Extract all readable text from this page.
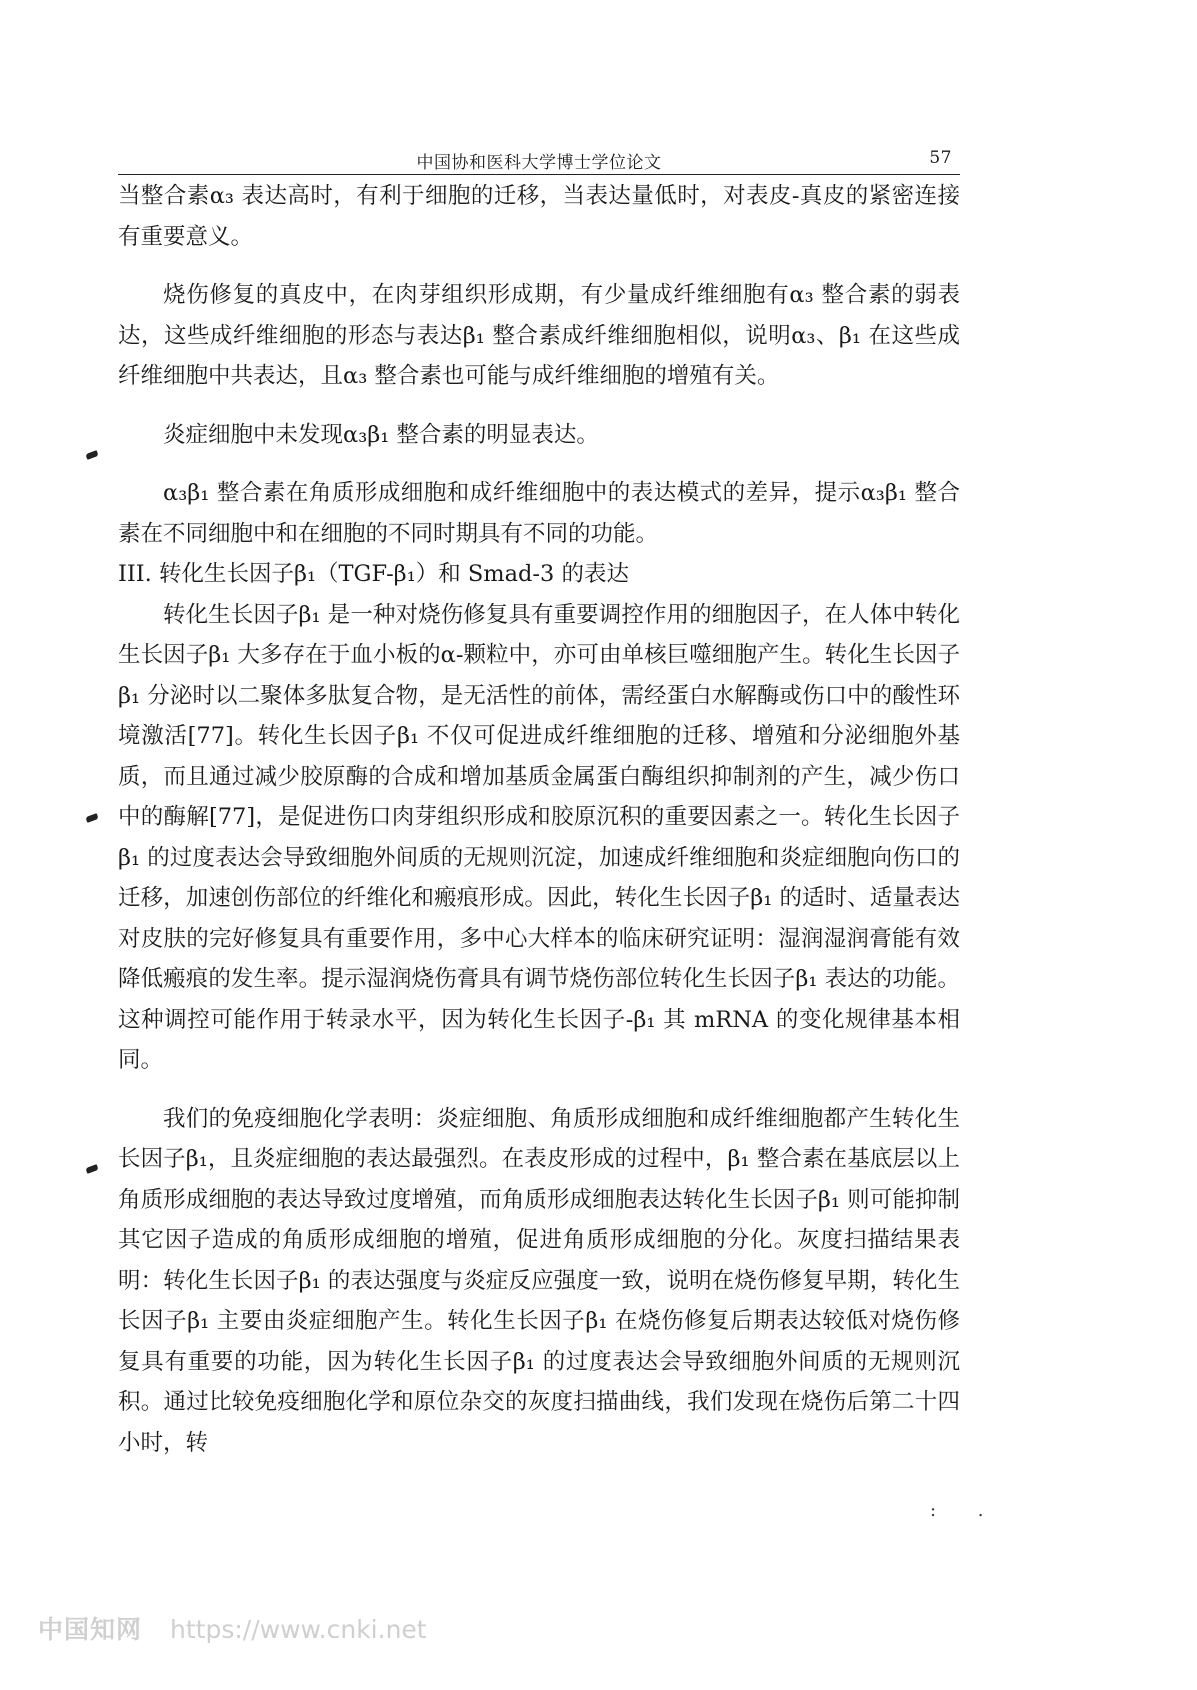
中国协和医科大学博士学位论文	57

当整合素α₃ 表达高时，有利于细胞的迁移，当表达量低时，对表皮-真皮的紧密连接有重要意义。

烧伤修复的真皮中，在肉芽组织形成期，有少量成纤维细胞有α₃ 整合素的弱表达，这些成纤维细胞的形态与表达β₁ 整合素成纤维细胞相似，说明α₃、β₁ 在这些成纤维细胞中共表达，且α₃ 整合素也可能与成纤维细胞的增殖有关。

炎症细胞中未发现α₃β₁ 整合素的明显表达。

α₃β₁ 整合素在角质形成细胞和成纤维细胞中的表达模式的差异，提示α₃β₁ 整合素在不同细胞中和在细胞的不同时期具有不同的功能。

III. 转化生长因子β₁（TGF-β₁）和 Smad-3 的表达

转化生长因子β₁ 是一种对烧伤修复具有重要调控作用的细胞因子，在人体中转化生长因子β₁ 大多存在于血小板的α-颗粒中，亦可由单核巨噬细胞产生。转化生长因子β₁ 分泌时以二聚体多肽复合物，是无活性的前体，需经蛋白水解酶或伤口中的酸性环境激活[77]。转化生长因子β₁ 不仅可促进成纤维细胞的迁移、增殖和分泌细胞外基质，而且通过减少胶原酶的合成和增加基质金属蛋白酶组织抑制剂的产生，减少伤口中的酶解[77]，是促进伤口肉芽组织形成和胶原沉积的重要因素之一。转化生长因子β₁ 的过度表达会导致细胞外间质的无规则沉淀，加速成纤维细胞和炎症细胞向伤口的迁移，加速创伤部位的纤维化和瘢痕形成。因此，转化生长因子β₁ 的适时、适量表达对皮肤的完好修复具有重要作用，多中心大样本的临床研究证明：湿润湿润膏能有效降低瘢痕的发生率。提示湿润烧伤膏具有调节烧伤部位转化生长因子β₁ 表达的功能。这种调控可能作用于转录水平，因为转化生长因子-β₁ 其 mRNA 的变化规律基本相同。

我们的免疫细胞化学表明：炎症细胞、角质形成细胞和成纤维细胞都产生转化生长因子β₁，且炎症细胞的表达最强烈。在表皮形成的过程中，β₁ 整合素在基底层以上角质形成细胞的表达导致过度增殖，而角质形成细胞表达转化生长因子β₁ 则可能抑制其它因子造成的角质形成细胞的增殖，促进角质形成细胞的分化。灰度扫描结果表明：转化生长因子β₁ 的表达强度与炎症反应强度一致，说明在烧伤修复早期，转化生长因子β₁ 主要由炎症细胞产生。转化生长因子β₁ 在烧伤修复后期表达较低对烧伤修复具有重要的功能，因为转化生长因子β₁ 的过度表达会导致细胞外间质的无规则沉积。通过比较免疫细胞化学和原位杂交的灰度扫描曲线，我们发现在烧伤后第二十四小时，转

: .
中国知网 https://www.cnki.net
